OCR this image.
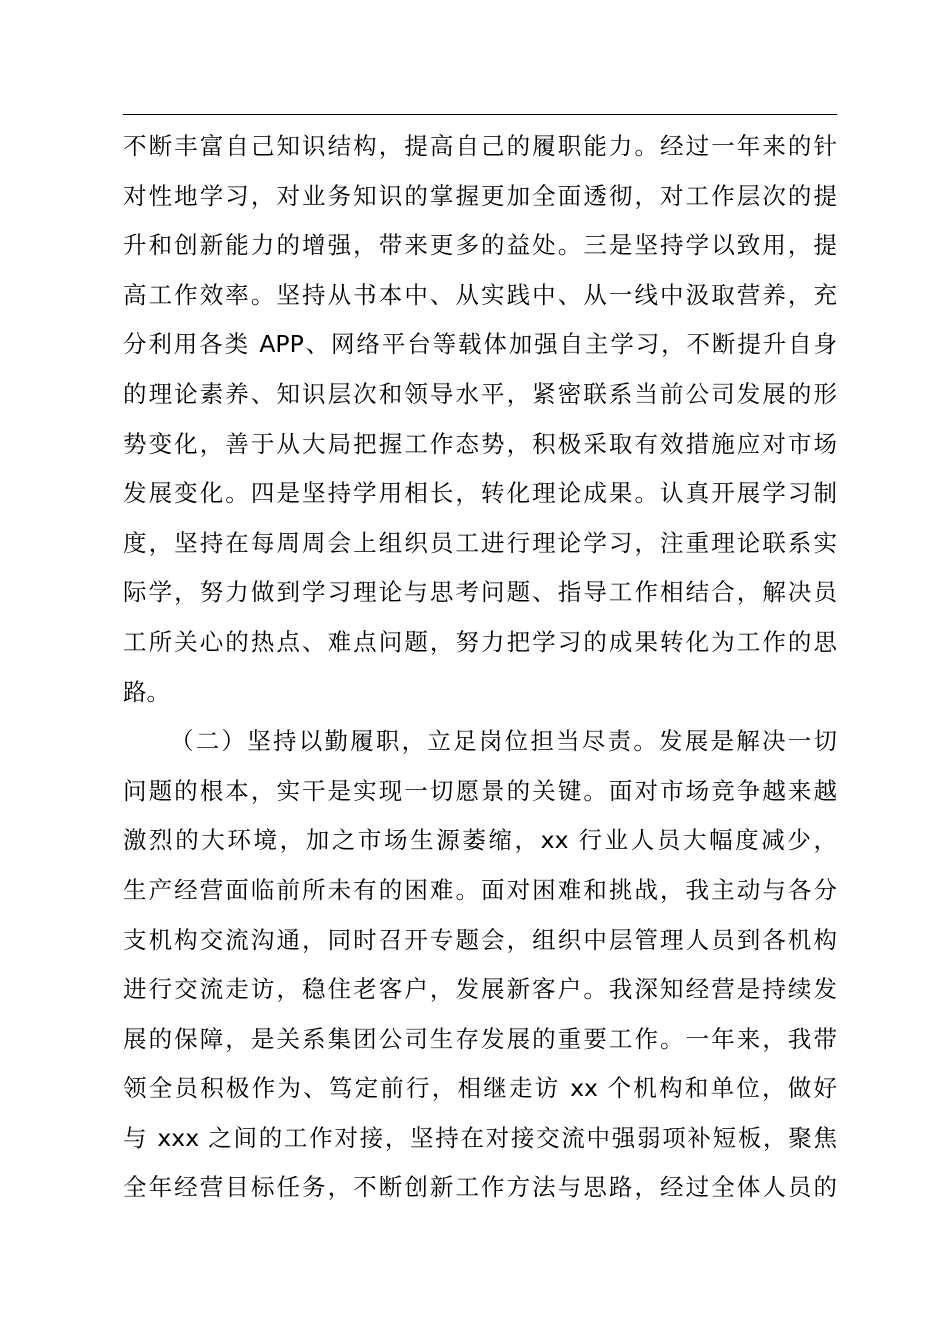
不断丰富自己知识结构，提高自己的履职能力。经过一年来的针
对性地学习，对业务知识的掌握更加全面透彻，对工作层次的提
升和创新能力的增强，带来更多的益处。三是坚持学以致用，提
高工作效率。坚持从书本中、从实践中、从一线中汲取营养，充
分利用各类 APP、网络平台等载体加强自主学习，不断提升自身
的理论素养、知识层次和领导水平，紧密联系当前公司发展的形
势变化，善于从大局把握工作态势，积极采取有效措施应对市场
发展变化。四是坚持学用相长，转化理论成果。认真开展学习制
度，坚持在每周周会上组织员工进行理论学习，注重理论联系实
际学，努力做到学习理论与思考问题、指导工作相结合，解决员
工所关心的热点、难点问题，努力把学习的成果转化为工作的思
路。
（二）坚持以勤履职，立足岗位担当尽责。发展是解决一切
问题的根本，实干是实现一切愿景的关键。面对市场竞争越来越
激烈的大环境，加之市场生源萎缩，xx 行业人员大幅度减少，
生产经营面临前所未有的困难。面对困难和挑战，我主动与各分
支机构交流沟通，同时召开专题会，组织中层管理人员到各机构
进行交流走访，稳住老客户，发展新客户。我深知经营是持续发
展的保障，是关系集团公司生存发展的重要工作。一年来，我带
领全员积极作为、笃定前行，相继走访 xx 个机构和单位，做好
与 xxx 之间的工作对接，坚持在对接交流中强弱项补短板，聚焦
全年经营目标任务，不断创新工作方法与思路，经过全体人员的
